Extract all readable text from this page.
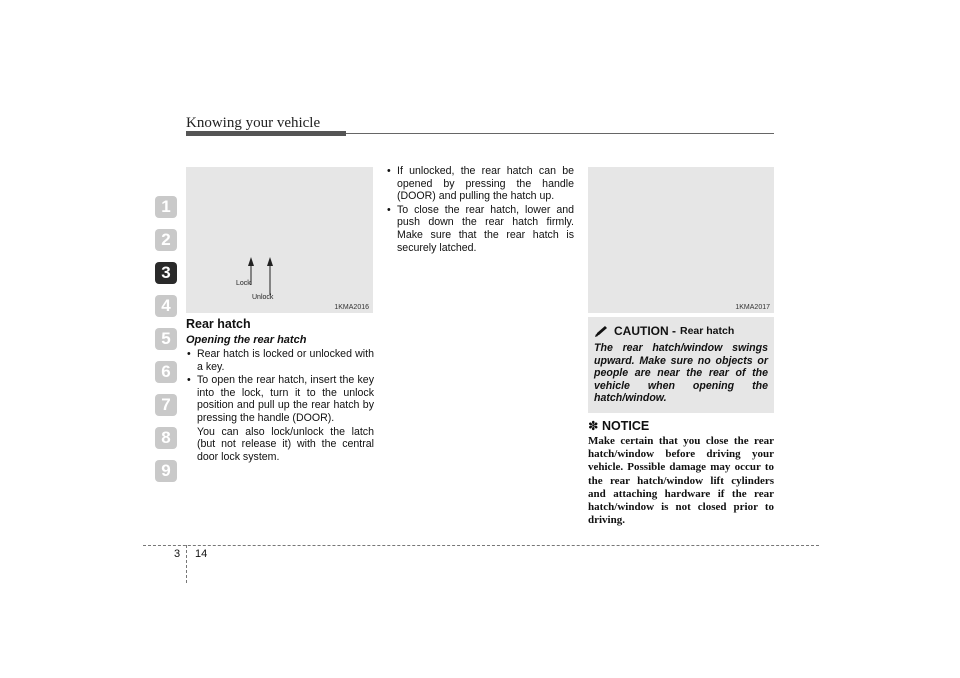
Knowing your vehicle
1
2
3
4
5
6
7
8
9
Lock
Unlock
1KMA2016
Rear hatch
Opening the rear hatch
• Rear hatch is locked or unlocked with a key.
• To open the rear hatch, insert the key into the lock, turn it to the unlock position and pull up the rear hatch by pressing the handle (DOOR).

You can also lock/unlock the latch (but not release it) with the central door lock system.

• If unlocked, the rear hatch can be opened by pressing the handle (DOOR) and pulling the hatch up.
• To close the rear hatch, lower and push down the rear hatch firmly. Make sure that the rear hatch is securely latched.
1KMA2017
CAUTION - Rear hatch
The rear hatch/window swings upward. Make sure no objects or people are near the rear of the vehicle when opening the hatch/window.
✽ NOTICE
Make certain that you close the rear hatch/window before driving your vehicle. Possible damage may occur to the rear hatch/window lift cylinders and attaching hardware if the rear hatch/window is not closed prior to driving.
3 14
